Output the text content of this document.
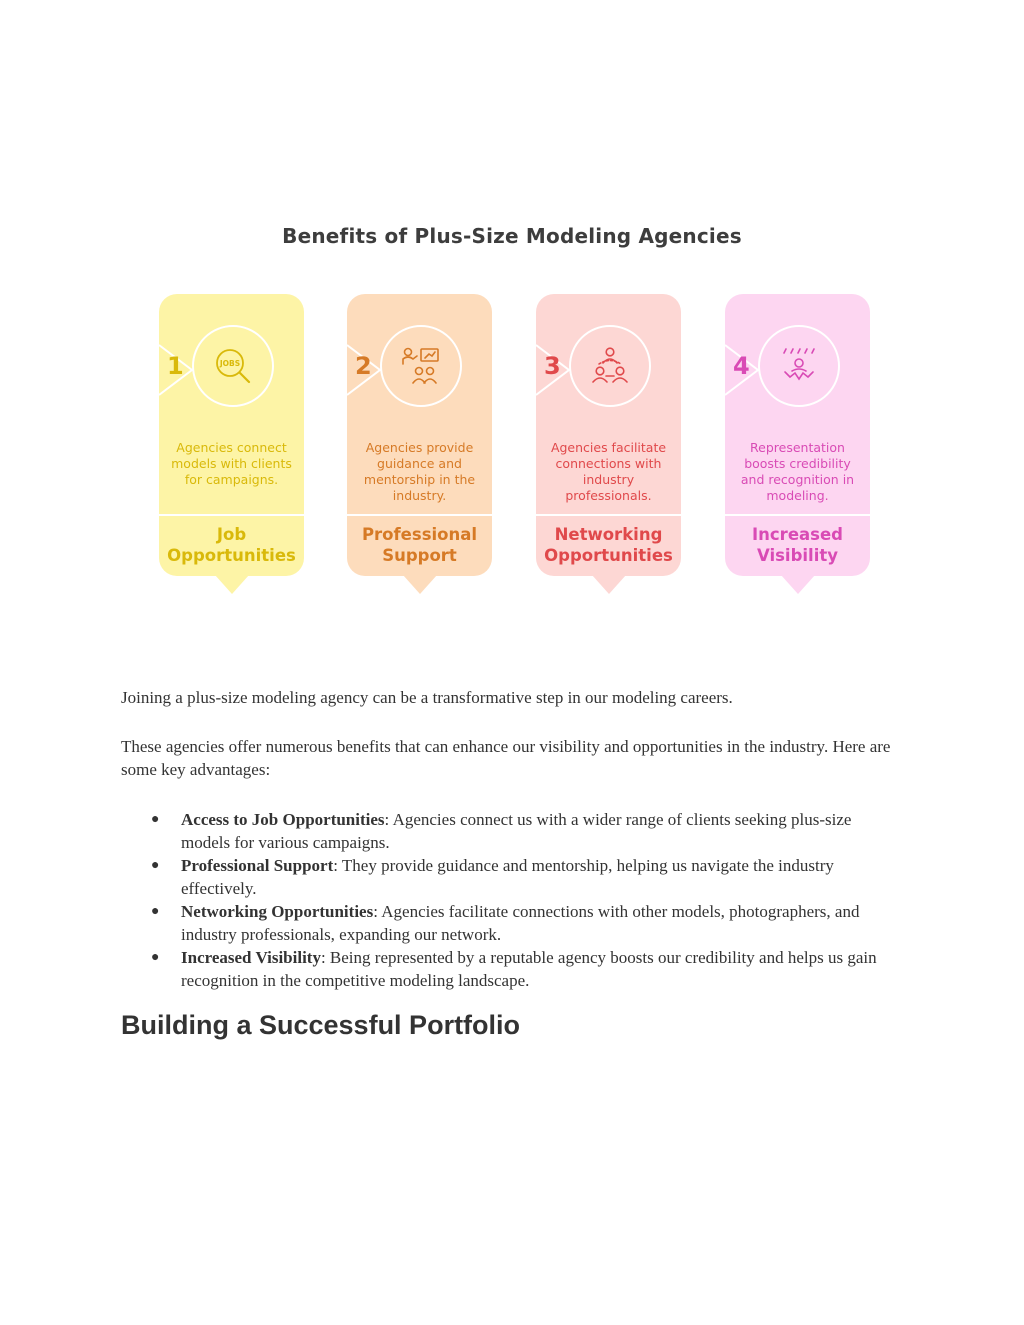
Benefits of Plus-Size Modeling Agencies
1	JOBS
Agencies connect models with clients for campaigns.
Job Opportunities
2
Agencies provide guidance and mentorship in the industry.
Professional Support
3
Agencies facilitate connections with industry professionals.
Networking Opportunities
4
Representation boosts credibility and recognition in modeling.
Increased Visibility

Joining a plus-size modeling agency can be a transformative step in our modeling careers.

These agencies offer numerous benefits that can enhance our visibility and opportunities in the industry. Here are some key advantages:

● Access to Job Opportunities: Agencies connect us with a wider range of clients seeking plus-size models for various campaigns.
● Professional Support: They provide guidance and mentorship, helping us navigate the industry effectively.
● Networking Opportunities: Agencies facilitate connections with other models, photographers, and industry professionals, expanding our network.
● Increased Visibility: Being represented by a reputable agency boosts our credibility and helps us gain recognition in the competitive modeling landscape.
Building a Successful Portfolio
